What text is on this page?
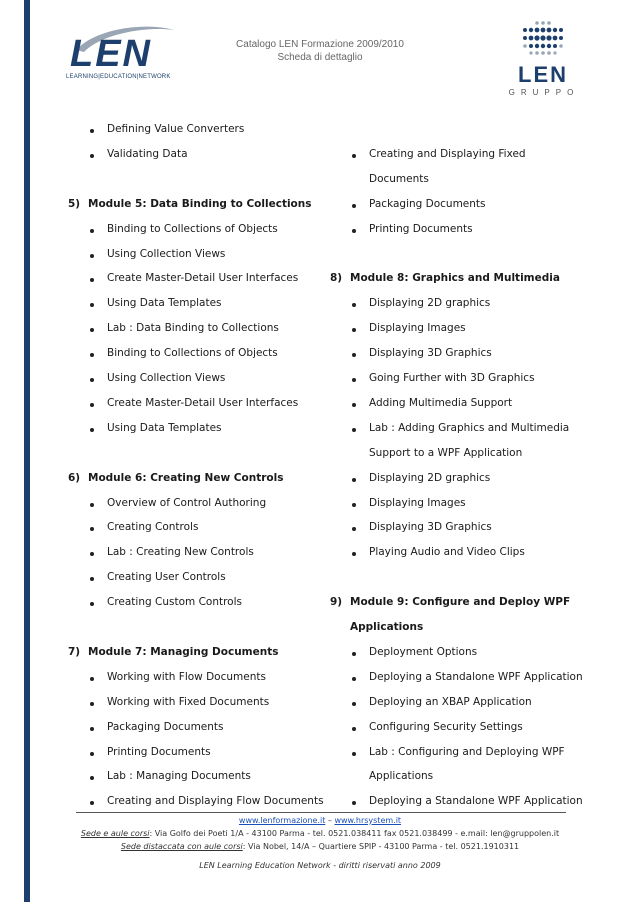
LEN
LEARNING|EDUCATION|NETWORK
Catalogo LEN Formazione 2009/2010
Scheda di dettaglio
LEN
GRUPPO
Defining Value Converters
Validating Data
5) Module 5: Data Binding to Collections
Binding to Collections of Objects
Using Collection Views
Create Master-Detail User Interfaces
Using Data Templates
Lab : Data Binding to Collections
Binding to Collections of Objects
Using Collection Views
Create Master-Detail User Interfaces
Using Data Templates
6) Module 6: Creating New Controls
Overview of Control Authoring
Creating Controls
Lab : Creating New Controls
Creating User Controls
Creating Custom Controls
7) Module 7: Managing Documents
Working with Flow Documents
Working with Fixed Documents
Packaging Documents
Printing Documents
Lab : Managing Documents
Creating and Displaying Flow Documents
Creating and Displaying Fixed
Documents
Packaging Documents
Printing Documents
8) Module 8: Graphics and Multimedia
Displaying 2D graphics
Displaying Images
Displaying 3D Graphics
Going Further with 3D Graphics
Adding Multimedia Support
Lab : Adding Graphics and Multimedia
Support to a WPF Application
Displaying 2D graphics
Displaying Images
Displaying 3D Graphics
Playing Audio and Video Clips
9) Module 9: Configure and Deploy WPF
Applications
Deployment Options
Deploying a Standalone WPF Application
Deploying an XBAP Application
Configuring Security Settings
Lab : Configuring and Deploying WPF
Applications
Deploying a Standalone WPF Application
www.lenformazione.it – www.hrsystem.it
Sede e aule corsi: Via Golfo dei Poeti 1/A - 43100 Parma - tel. 0521.038411 fax 0521.038499 - e.mail: len@gruppolen.it
Sede distaccata con aule corsi: Via Nobel, 14/A – Quartiere SPIP - 43100 Parma - tel. 0521.1910311
LEN Learning Education Network - diritti riservati anno 2009
